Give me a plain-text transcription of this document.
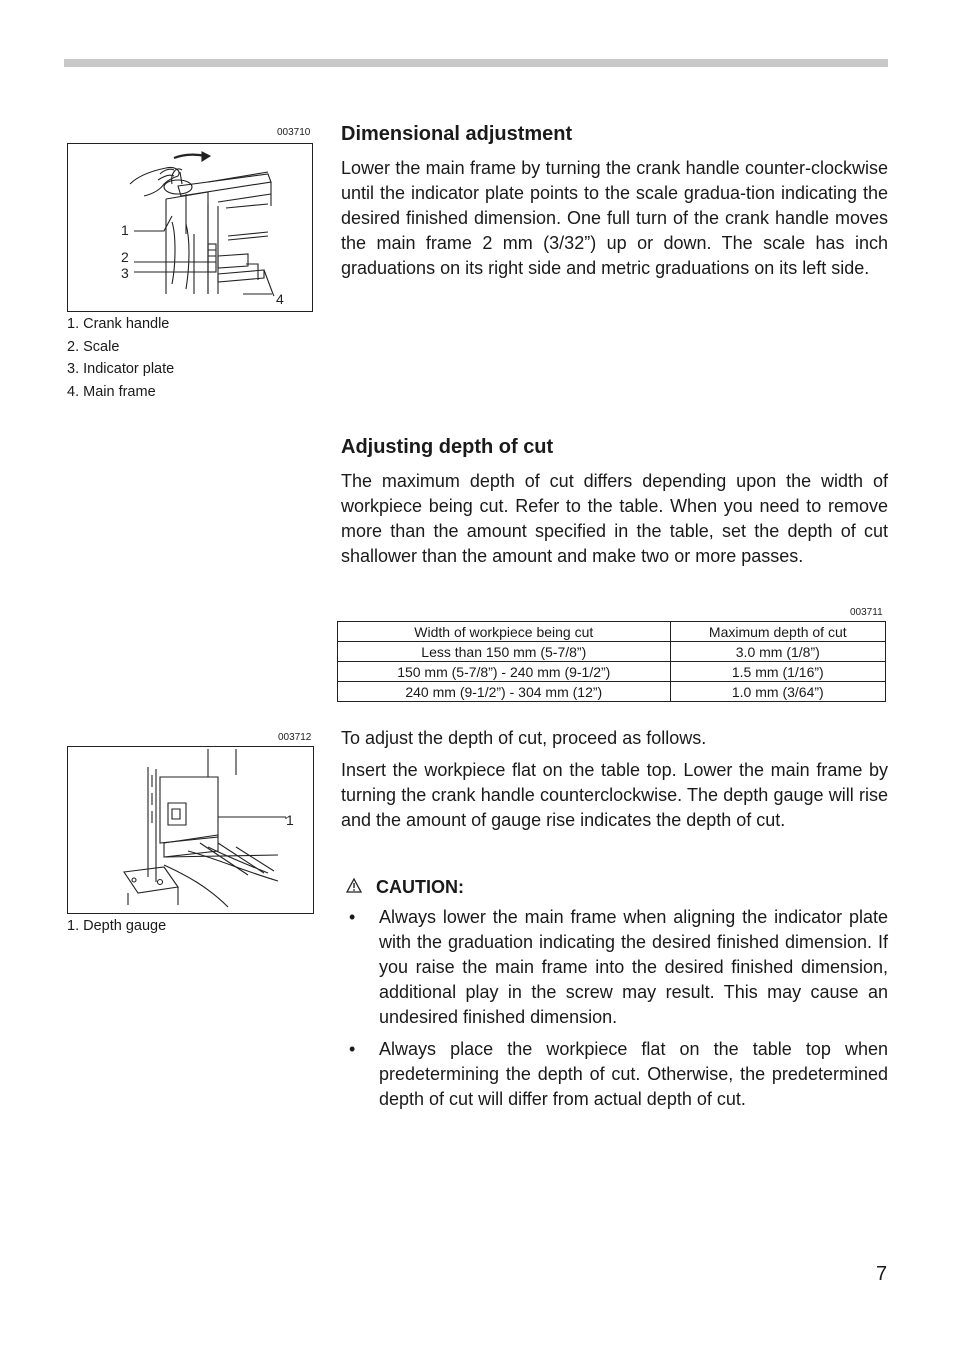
003710
1
2
3
4
1. Crank handle
2. Scale
3. Indicator plate
4. Main frame
Dimensional adjustment

Lower the main frame by turning the crank handle counter-clockwise until the indicator plate points to the scale gradua-tion indicating the desired finished dimension. One full turn of the crank handle moves the main frame 2 mm (3/32”) up or down. The scale has inch graduations on its right side and metric graduations on its left side.

Adjusting depth of cut

The maximum depth of cut differs depending upon the width of workpiece being cut. Refer to the table. When you need to remove more than the amount specified in the table, set the depth of cut shallower than the amount and make two or more passes.

003711
Width of workpiece being cut	Maximum depth of cut
Less than 150 mm (5-7/8”)	3.0 mm (1/8”)
150 mm (5-7/8”) - 240 mm (9-1/2”)	1.5 mm (1/16”)
240 mm (9-1/2”) - 304 mm (12”)	1.0 mm (3/64”)
003712
1
1. Depth gauge

To adjust the depth of cut, proceed as follows.

Insert the workpiece flat on the table top. Lower the main frame by turning the crank handle counterclockwise. The depth gauge will rise and the amount of gauge rise indicates the depth of cut.

CAUTION:
• Always lower the main frame when aligning the indicator plate with the graduation indicating the desired finished dimension. If you raise the main frame into the desired finished dimension, additional play in the screw may result. This may cause an undesired finished dimension.
• Always place the workpiece flat on the table top when predetermining the depth of cut. Otherwise, the predetermined depth of cut will differ from actual depth of cut.
7
